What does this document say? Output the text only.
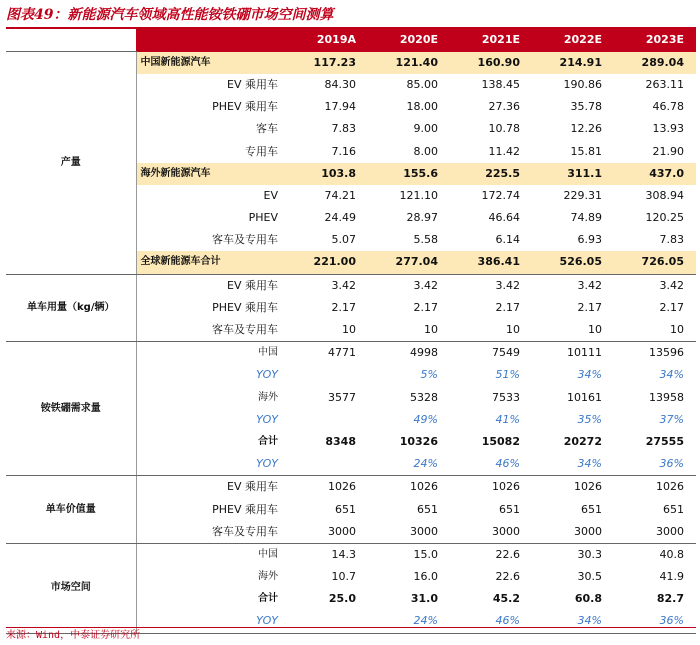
图表49：新能源汽车领域高性能铵铁硼市场空间测算
		2019A	2020E	2021E	2022E	2023E
产量	中国新能源汽车	117.23	121.40	160.90	214.91	289.04
	EV 乘用车	84.30	85.00	138.45	190.86	263.11
	PHEV 乘用车	17.94	18.00	27.36	35.78	46.78
	客车	7.83	9.00	10.78	12.26	13.93
	专用车	7.16	8.00	11.42	15.81	21.90
	海外新能源汽车	103.8	155.6	225.5	311.1	437.0
	EV	74.21	121.10	172.74	229.31	308.94
	PHEV	24.49	28.97	46.64	74.89	120.25
	客车及专用车	5.07	5.58	6.14	6.93	7.83
	全球新能源车合计	221.00	277.04	386.41	526.05	726.05
单车用量（kg/辆）	EV 乘用车	3.42	3.42	3.42	3.42	3.42
	PHEV 乘用车	2.17	2.17	2.17	2.17	2.17
	客车及专用车	10	10	10	10	10
铵铁硼需求量	中国	4771	4998	7549	10111	13596
	YOY		5%	51%	34%	34%
	海外	3577	5328	7533	10161	13958
	YOY		49%	41%	35%	37%
	合计	8348	10326	15082	20272	27555
	YOY		24%	46%	34%	36%
单车价值量	EV 乘用车	1026	1026	1026	1026	1026
	PHEV 乘用车	651	651	651	651	651
	客车及专用车	3000	3000	3000	3000	3000
市场空间	中国	14.3	15.0	22.6	30.3	40.8
	海外	10.7	16.0	22.6	30.5	41.9
	合计	25.0	31.0	45.2	60.8	82.7
	YOY		24%	46%	34%	36%
来源：Wind，中泰证券研究所
